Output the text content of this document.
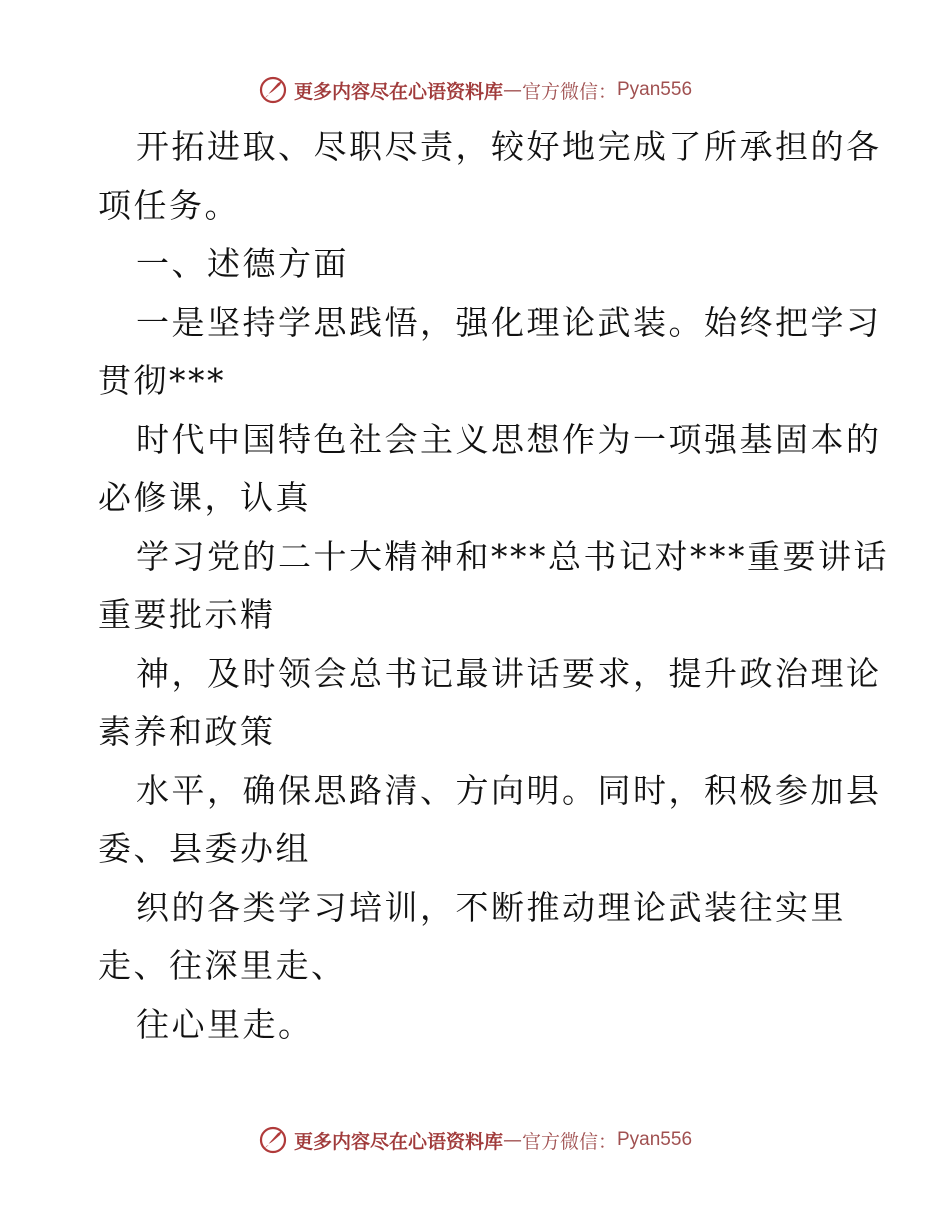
更多内容尽在心语资料库 — 官方微信： Pyan556
开拓进取、尽职尽责，较好地完成了所承担的各
项任务。
一、述德方面
一是坚持学思践悟，强化理论武装。始终把学习
贯彻***
时代中国特色社会主义思想作为一项强基固本的
必修课，认真
学习党的二十大精神和***总书记对***重要讲话
重要批示精
神，及时领会总书记最讲话要求，提升政治理论
素养和政策
水平，确保思路清、方向明。同时，积极参加县
委、县委办组
织的各类学习培训，不断推动理论武装往实里
走、往深里走、
往心里走。
更多内容尽在心语资料库 — 官方微信： Pyan556
